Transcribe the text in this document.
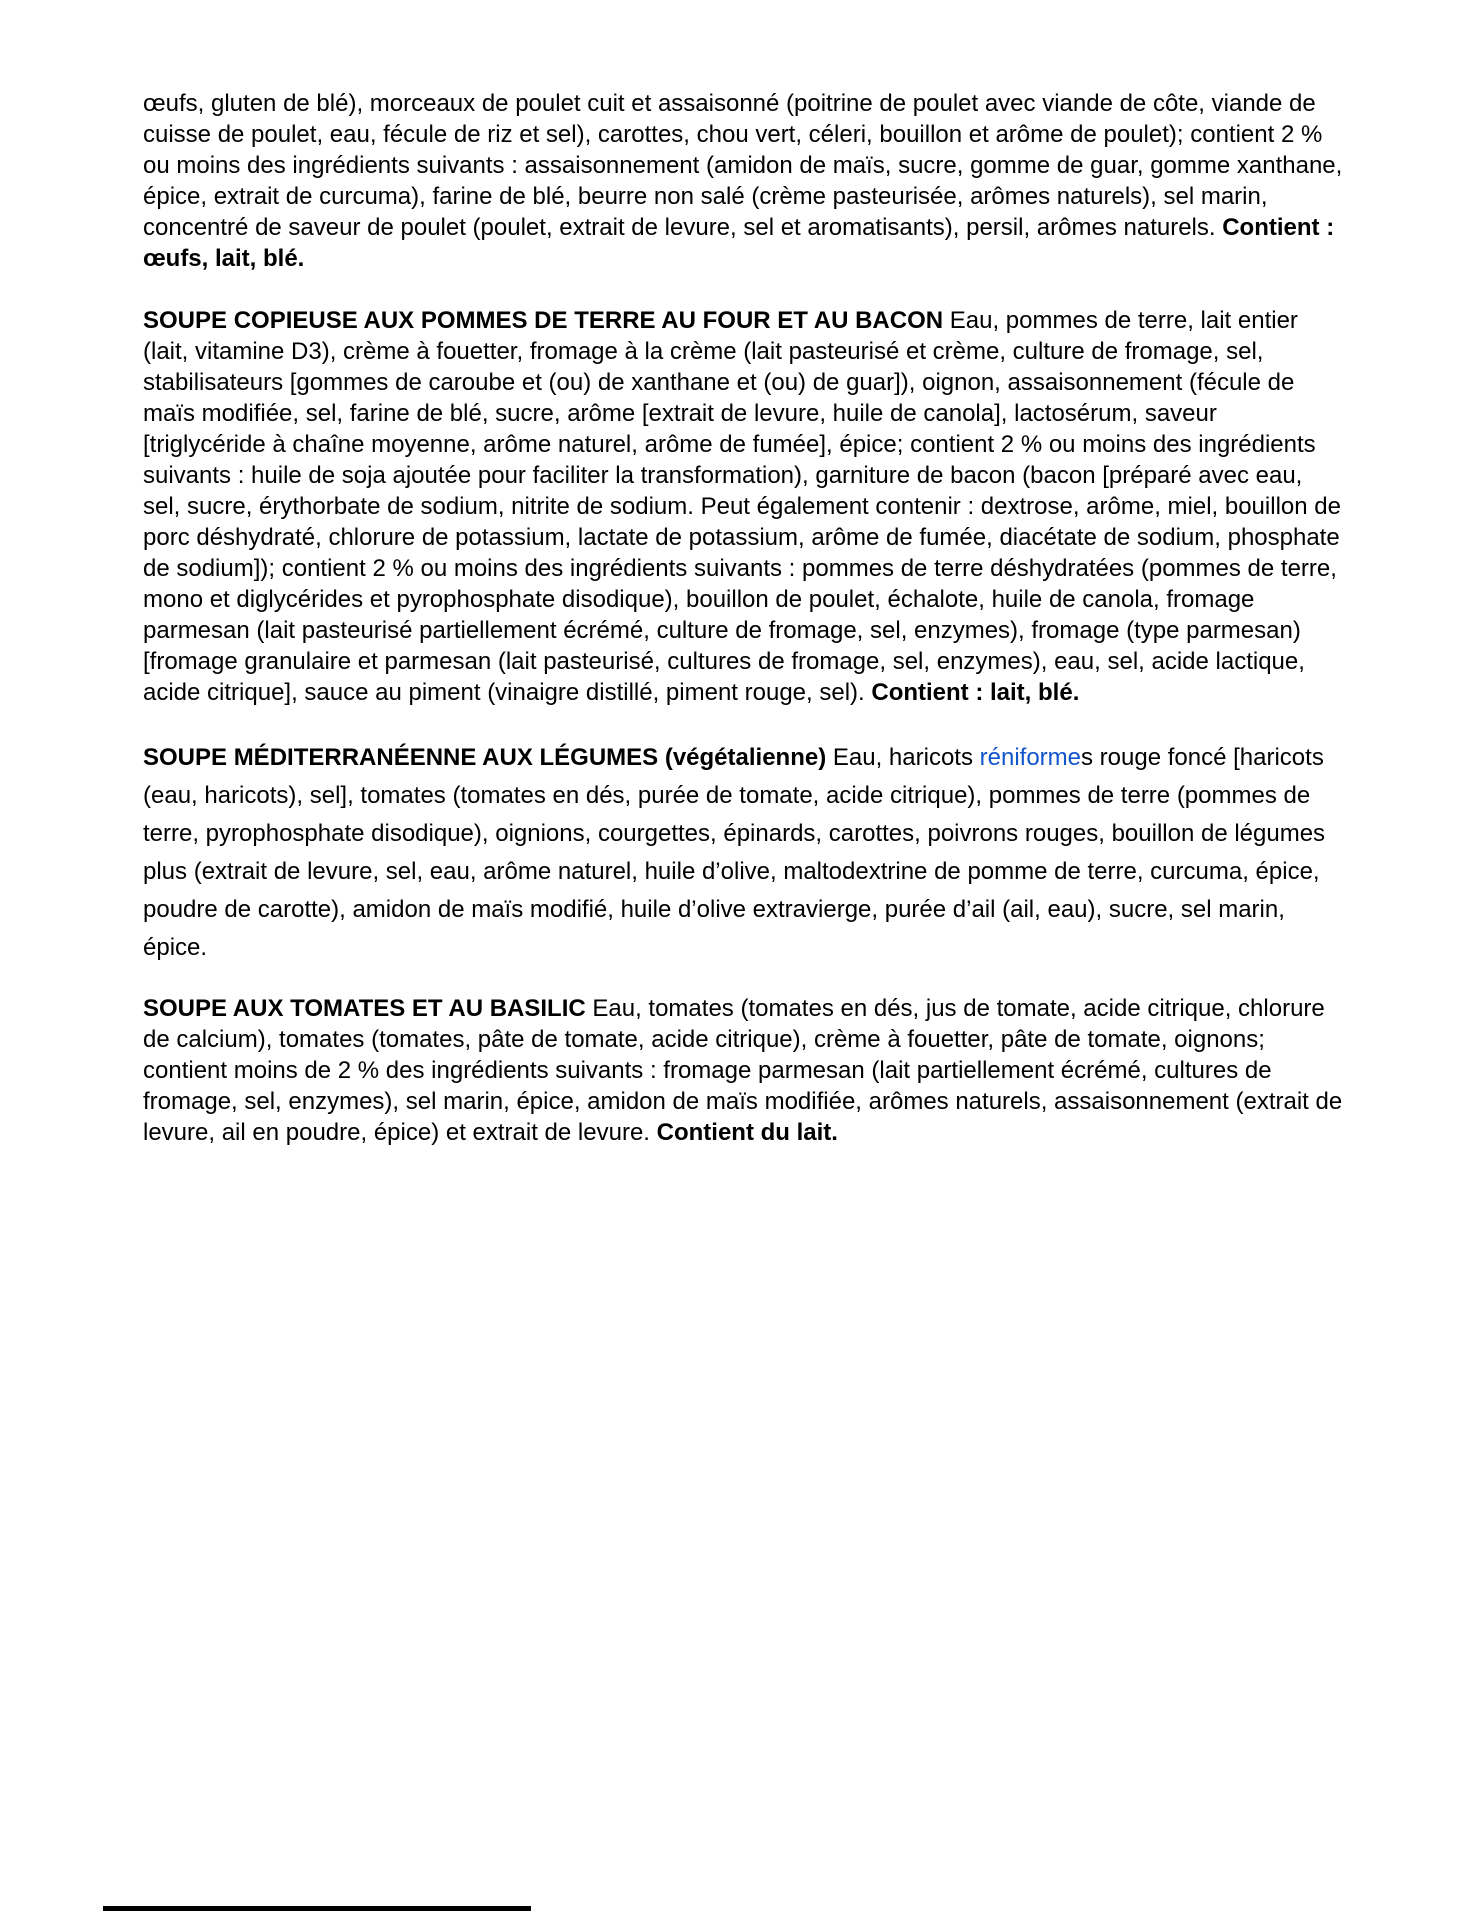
œufs, gluten de blé), morceaux de poulet cuit et assaisonné (poitrine de poulet avec viande de côte, viande de cuisse de poulet, eau, fécule de riz et sel), carottes, chou vert, céleri, bouillon et arôme de poulet); contient 2 % ou moins des ingrédients suivants : assaisonnement (amidon de maïs, sucre, gomme de guar, gomme xanthane, épice, extrait de curcuma), farine de blé, beurre non salé (crème pasteurisée, arômes naturels), sel marin, concentré de saveur de poulet (poulet, extrait de levure, sel et aromatisants), persil, arômes naturels. Contient : œufs, lait, blé.

SOUPE COPIEUSE AUX POMMES DE TERRE AU FOUR ET AU BACON Eau, pommes de terre, lait entier (lait, vitamine D3), crème à fouetter, fromage à la crème (lait pasteurisé et crème, culture de fromage, sel, stabilisateurs [gommes de caroube et (ou) de xanthane et (ou) de guar]), oignon, assaisonnement (fécule de maïs modifiée, sel, farine de blé, sucre, arôme [extrait de levure, huile de canola], lactosérum, saveur [triglycéride à chaîne moyenne, arôme naturel, arôme de fumée], épice; contient 2 % ou moins des ingrédients suivants : huile de soja ajoutée pour faciliter la transformation), garniture de bacon (bacon [préparé avec eau, sel, sucre, érythorbate de sodium, nitrite de sodium. Peut également contenir : dextrose, arôme, miel, bouillon de porc déshydraté, chlorure de potassium, lactate de potassium, arôme de fumée, diacétate de sodium, phosphate de sodium]); contient 2 % ou moins des ingrédients suivants : pommes de terre déshydratées (pommes de terre, mono et diglycérides et pyrophosphate disodique), bouillon de poulet, échalote, huile de canola, fromage parmesan (lait pasteurisé partiellement écrémé, culture de fromage, sel, enzymes), fromage (type parmesan) [fromage granulaire et parmesan (lait pasteurisé, cultures de fromage, sel, enzymes), eau, sel, acide lactique, acide citrique], sauce au piment (vinaigre distillé, piment rouge, sel). Contient : lait, blé.

SOUPE MÉDITERRANÉENNE AUX LÉGUMES (végétalienne) Eau, haricots réniformes rouge foncé [haricots (eau, haricots), sel], tomates (tomates en dés, purée de tomate, acide citrique), pommes de terre (pommes de terre, pyrophosphate disodique), oignions, courgettes, épinards, carottes, poivrons rouges, bouillon de légumes plus (extrait de levure, sel, eau, arôme naturel, huile d’olive, maltodextrine de pomme de terre, curcuma, épice, poudre de carotte), amidon de maïs modifié, huile d’olive extravierge, purée d’ail (ail, eau), sucre, sel marin, épice.

SOUPE AUX TOMATES ET AU BASILIC Eau, tomates (tomates en dés, jus de tomate, acide citrique, chlorure de calcium), tomates (tomates, pâte de tomate, acide citrique), crème à fouetter, pâte de tomate, oignons; contient moins de 2 % des ingrédients suivants : fromage parmesan (lait partiellement écrémé, cultures de fromage, sel, enzymes), sel marin, épice, amidon de maïs modifiée, arômes naturels, assaisonnement (extrait de levure, ail en poudre, épice) et extrait de levure. Contient du lait.
